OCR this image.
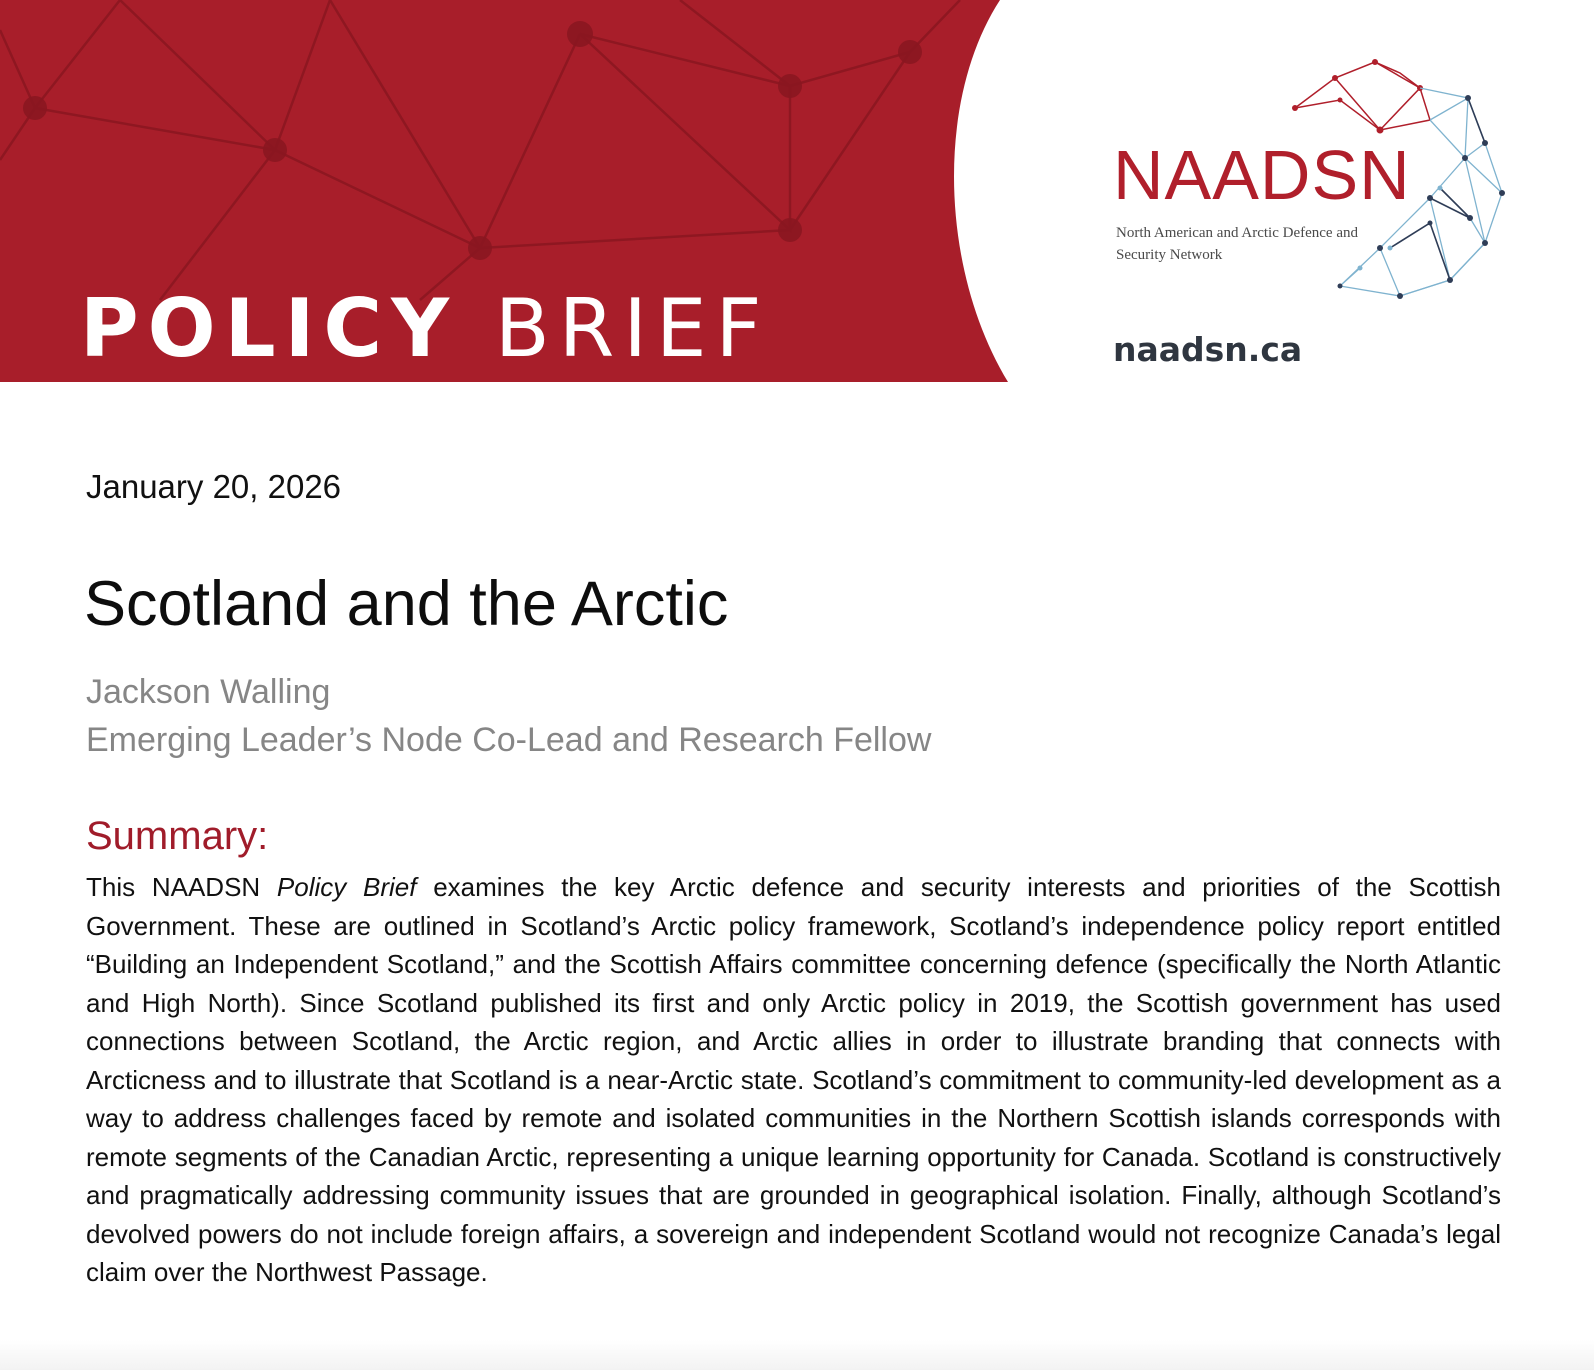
POLICY BRIEF
NAADSN
North American and Arctic Defence and Security Network
naadsn.ca
January 20, 2026
Scotland and the Arctic
Jackson Walling
Emerging Leader’s Node Co-Lead and Research Fellow
Summary:

This NAADSN Policy Brief examines the key Arctic defence and security interests and priorities of the Scottish Government. These are outlined in Scotland’s Arctic policy framework, Scotland’s independence policy report entitled “Building an Independent Scotland,” and the Scottish Affairs committee concerning defence (specifically the North Atlantic and High North). Since Scotland published its first and only Arctic policy in 2019, the Scottish government has used connections between Scotland, the Arctic region, and Arctic allies in order to illustrate branding that connects with Arcticness and to illustrate that Scotland is a near-Arctic state. Scotland’s commitment to community-led development as a way to address challenges faced by remote and isolated communities in the Northern Scottish islands corresponds with remote segments of the Canadian Arctic, representing a unique learning opportunity for Canada. Scotland is constructively and pragmatically addressing community issues that are grounded in geographical isolation. Finally, although Scotland’s devolved powers do not include foreign affairs, a sovereign and independent Scotland would not recognize Canada’s legal claim over the Northwest Passage.
